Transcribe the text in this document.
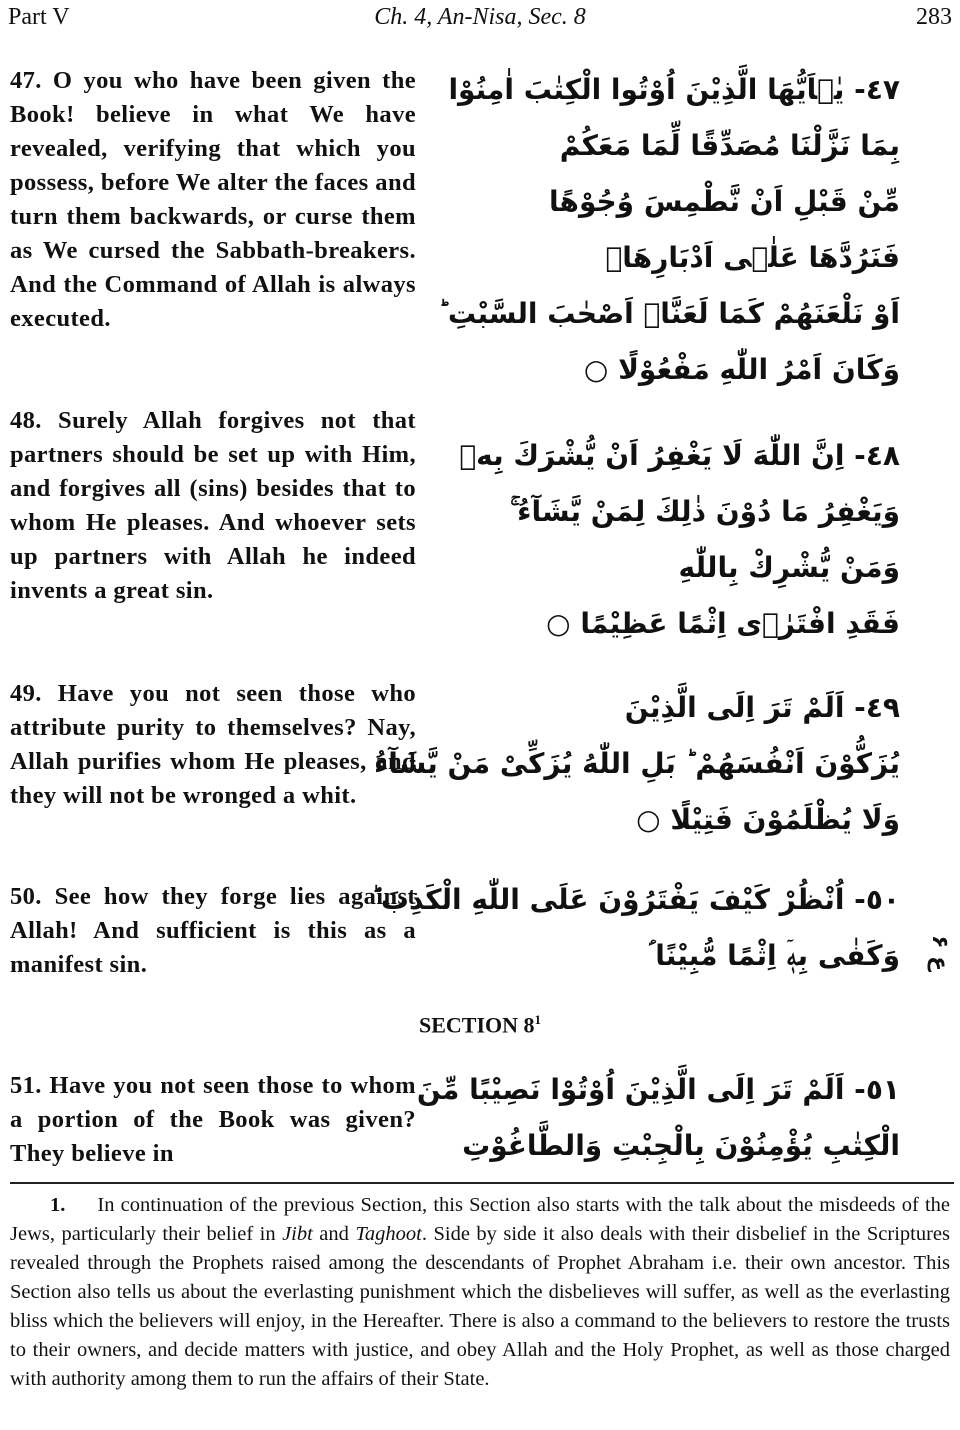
Part V	Ch. 4, An-Nisa, Sec. 8	283
47. O you who have been given the Book! believe in what We have revealed, verifying that which you possess, before We alter the faces and turn them backwards, or curse them as We cursed the Sabbath-breakers. And the Command of Allah is always executed.
٤٧- يٰۤاَيُّهَا الَّذِيْنَ اُوْتُوا الْكِتٰبَ اٰمِنُوْا
بِمَا نَزَّلْنَا مُصَدِّقًا لِّمَا مَعَكُمْ
مِّنْ قَبْلِ اَنْ نَّطْمِسَ وُجُوْهًا
فَنَرُدَّهَا عَلٰۤى اَدْبَارِهَاۤ
اَوْ نَلْعَنَهُمْ كَمَا لَعَنَّاۤ اَصْحٰبَ السَّبْتِ ؕ
وَكَانَ اَمْرُ اللّٰهِ مَفْعُوْلًا ○
48. Surely Allah forgives not that partners should be set up with Him, and forgives all (sins) besides that to whom He pleases. And whoever sets up partners with Allah he indeed invents a great sin.
٤٨- اِنَّ اللّٰهَ لَا يَغْفِرُ اَنْ يُّشْرَكَ بِهٖ
وَيَغْفِرُ مَا دُوْنَ ذٰلِكَ لِمَنْ يَّشَآءُ ۚ
وَمَنْ يُّشْرِكْ بِاللّٰهِ
فَقَدِ افْتَرٰۤى اِثْمًا عَظِيْمًا ○
49. Have you not seen those who attribute purity to themselves? Nay, Allah purifies whom He pleases, and they will not be wronged a whit.
٤٩- اَلَمْ تَرَ اِلَى الَّذِيْنَ
يُزَكُّوْنَ اَنْفُسَهُمْ ؕ بَلِ اللّٰهُ يُزَكِّىْ مَنْ يَّشَآءُ
وَلَا يُظْلَمُوْنَ فَتِيْلًا ○
50. See how they forge lies against Allah! And sufficient is this as a manifest sin.
٥٠- اُنْظُرْ كَيْفَ يَفْتَرُوْنَ عَلَى اللّٰهِ الْكَذِبَ ؕ
وَكَفٰى بِهٖۤ اِثْمًا مُّبِيْنًا ؑ ع ۶
SECTION $8^1$
51. Have you not seen those to whom a portion of the Book was given? They believe in
٥١- اَلَمْ تَرَ اِلَى الَّذِيْنَ اُوْتُوْا نَصِيْبًا مِّنَ
الْكِتٰبِ يُؤْمِنُوْنَ بِالْجِبْتِ وَالطَّاغُوْتِ
1. In continuation of the previous Section, this Section also starts with the talk about the misdeeds of the Jews, particularly their belief in Jibt and Taghoot. Side by side it also deals with their disbelief in the Scriptures revealed through the Prophets raised among the descendants of Prophet Abraham i.e. their own ancestor. This Section also tells us about the everlasting punishment which the disbelieves will suffer, as well as the everlasting bliss which the believers will enjoy, in the Hereafter. There is also a command to the believers to restore the trusts to their owners, and decide matters with justice, and obey Allah and the Holy Prophet, as well as those charged with authority among them to run the affairs of their State.
